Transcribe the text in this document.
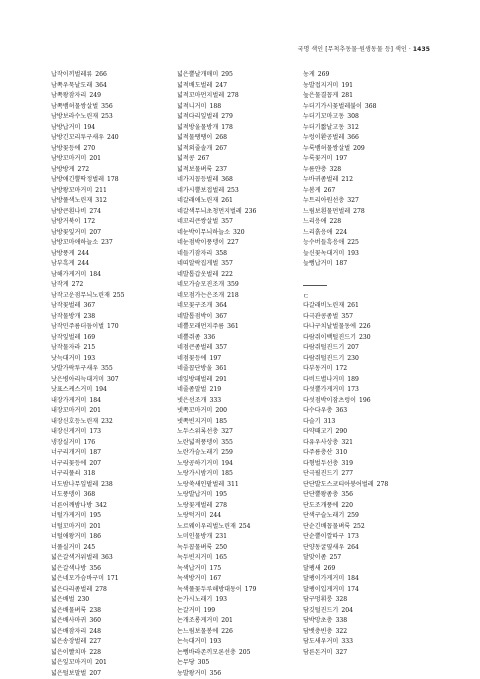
국명 색인 [무척추동물·원생동물 등] 색인 · 1435
납작이끼벌레류 266
남쪽우묵날도래 364
남쪽왕잠자리 249
남쪽뱀허물쌍살벌 356
남방보라수노린재 253
남방납거미 194
남방긴꼬리투구새우 240
남방꽃등에 270
남방꼬마거미 201
남방방게 272
남방애긴뿔딱정벌레 178
남방왕꼬마거미 211
남방풀색노린재 312
남방큰흰나비 274
남방거북이 172
남방꽃잎거미 207
남방꼬마애하늘소 237
남방풍게 244
남부흑게 244
남해가게거미 184
남작게 272
남작고운점무늬노린재 255
남작꽃벌레 367
남작물방개 238
남작민주름더듬이벌 170
남작잎벌레 169
남작물자라 215
낫늑대거미 193
낫발가락투구새우 355
낫은병아리늑대거미 307
낫표스케스거미 194
내장가게거미 184
내장꼬마거미 201
내장신호등노린재 232
내장신게거미 173
냉장실거미 176
너구리개거미 187
너구리꽃등에 207
너구리풀쇠 318
너도밤나무잎벌레 238
너도풍뎅이 368
너른어깨밤나방 342
너털가게거미 195
너털꼬마거미 201
너털애왕거미 186
너풀실거미 245
넓은갈색거위벌레 363
넓은갈색나방 356
넓은네모가슴바구미 171
넓은다리좀벌레 278
넓은배벌 230
넓은배물벼룩 238
넓은배사마귀 360
넓은배잠자리 248
넓은송장벌레 227
넓은이빨치마 228
넓은잎꼬마거미 201
넓은털보말벌 207
넓은뿔날개매미 295
넓적배도벌레 247
넓적꼬마먼지벌레 278
넓적니거미 188
넓적다리잎벌레 279
넓적방울물방개 178
넓적물땡땡이 268
넓적외줄솔개 267
넓적콩 267
넓적보물벼룩 237
네가지꼽등벌레 368
네가시뿔보접벌레 253
네갈래애노린재 261
네갈색무늬초청먼지벌레 236
네꼬리큰쌍살벌 357
네눈박이무늬하늘소 320
네눈점박이풍뎅이 227
네들기잠자리 358
네띠알락집게벌 357
네발톱갑옷벌레 222
네모가슴모진조개 359
네모점가는은조개 218
네모꽃구조개 364
네발톱점박이 367
네뿔모래먼지주름 361
네뿔쥐좀 336
네점큰좀벌레 357
네점꽃등에 197
네줄꼽단방울 361
네잎방패벌레 291
네줄좀말벌 219
넷은선조개 333
넷쪽꼬마거미 200
넷쪽빈지거미 185
노두스위록선충 327
노란넓적풍뎅이 355
노란가슴노래기 259
노랑공하기거미 194
노랑가시밤거미 185
노랑쑥새인팥벌레 311
노랑발납거미 195
노랑꽃게벌레 278
노랑턱거미 244
노르웨이우리벌노린재 254
노미인물방개 231
녹두꼽물벼룩 250
녹두빈지거미 165
녹색납거미 175
녹색방거미 167
녹색풀꽃두루해방대동이 179
논가시노래기 193
논갈거미 199
논개조롱게거미 201
논느림보물봉에 226
논늑대거미 193
논뻥바라존끼모론선충 205
논무당 305
농발왕거미 356
농게 269
농발접지거미 191
높은물결꼽게 281
누더기가시꽃벌레불이 368
누더기꼬마고동 308
누더기짧날고동 312
누렁이환공벌레 366
누룩뱀허물쌍살벌 209
누룩꽃거미 197
누름얀충 328
누바귀좀벌레 212
누봄게 267
누트리아원선충 327
느림보흰물먼벌레 278
느리응애 228
느리흙응애 224
능수버들흑응애 225
늪신꽃녹대거미 193
늪뻥납거미 187
ㄷ
다갈래비노린재 261
다극관콩좀벌 357
다나구치날벌물동에 226
다람쥐이백털진드기 230
다람쥐털진드기 207
다람쥐털진드기 230
다부동거미 172
다비드별나거미 189
다섯뿔가게거미 173
다섯점박이잠츠렁이 196
다수다우충 363
다슬기 313
다약때고기 290
다유우사상충 321
다주름충산 310
다형벌두선충 319
단극필진드기 277
단단발도스코티아붕어벌레 278
단단뿔왕좀충 356
단도조개풍에 220
단색구슬노래기 259
단순긴배꼽물벼룩 252
단순뿔이깔따구 173
단양동굴옆새우 264
달맞이좀 257
달팽새 269
달팽이가게거미 184
달팽이입게거미 174
담구멍휘룽 328
담깃털진드기 204
담박망초충 338
담뱃충빈충 322
담도새우거미 333
담른돈거미 327
